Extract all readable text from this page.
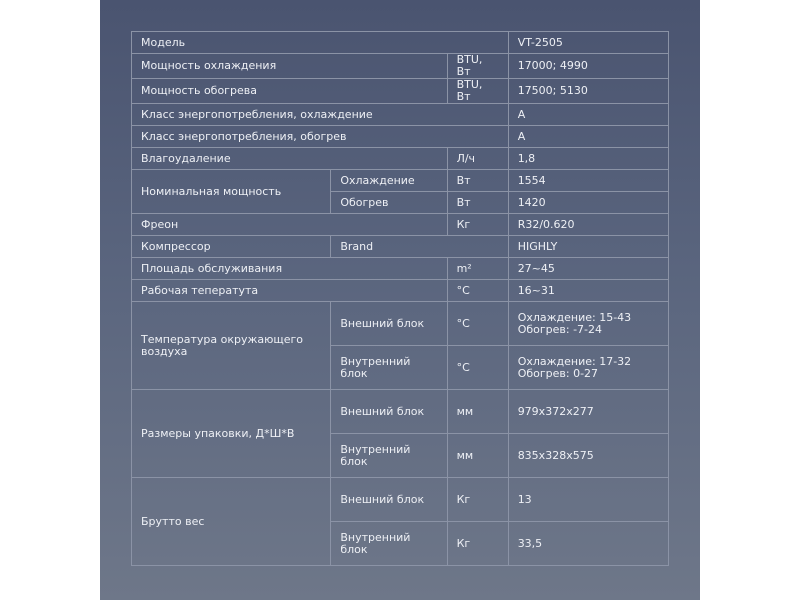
Модель			VT-2505
Мощность охлаждения		BTU, Вт	17000; 4990
Мощность обогрева		BTU, Вт	17500; 5130
Класс энергопотребления, охлаждение			A
Класс энергопотребления, обогрев			A
Влагоудаление		Л/ч	1,8
Номинальная мощность	Охлаждение	Вт	1554
	Обогрев	Вт	1420
Фреон		Кг	R32/0.620
Компрессор	Brand		HIGHLY
Площадь обслуживания		m²	27~45
Рабочая теператута		°С	16~31
Температура окружающего воздуха	Внешний блок	°С	Охлаждение: 15-43 Обогрев: -7-24
	Внутренний блок	°С	Охлаждение: 17-32 Обогрев: 0-27
Размеры упаковки, Д*Ш*В	Внешний блок	мм	979x372x277
	Внутренний блок	мм	835x328x575
Брутто вес	Внешний блок	Кг	13
	Внутренний блок	Кг	33,5
